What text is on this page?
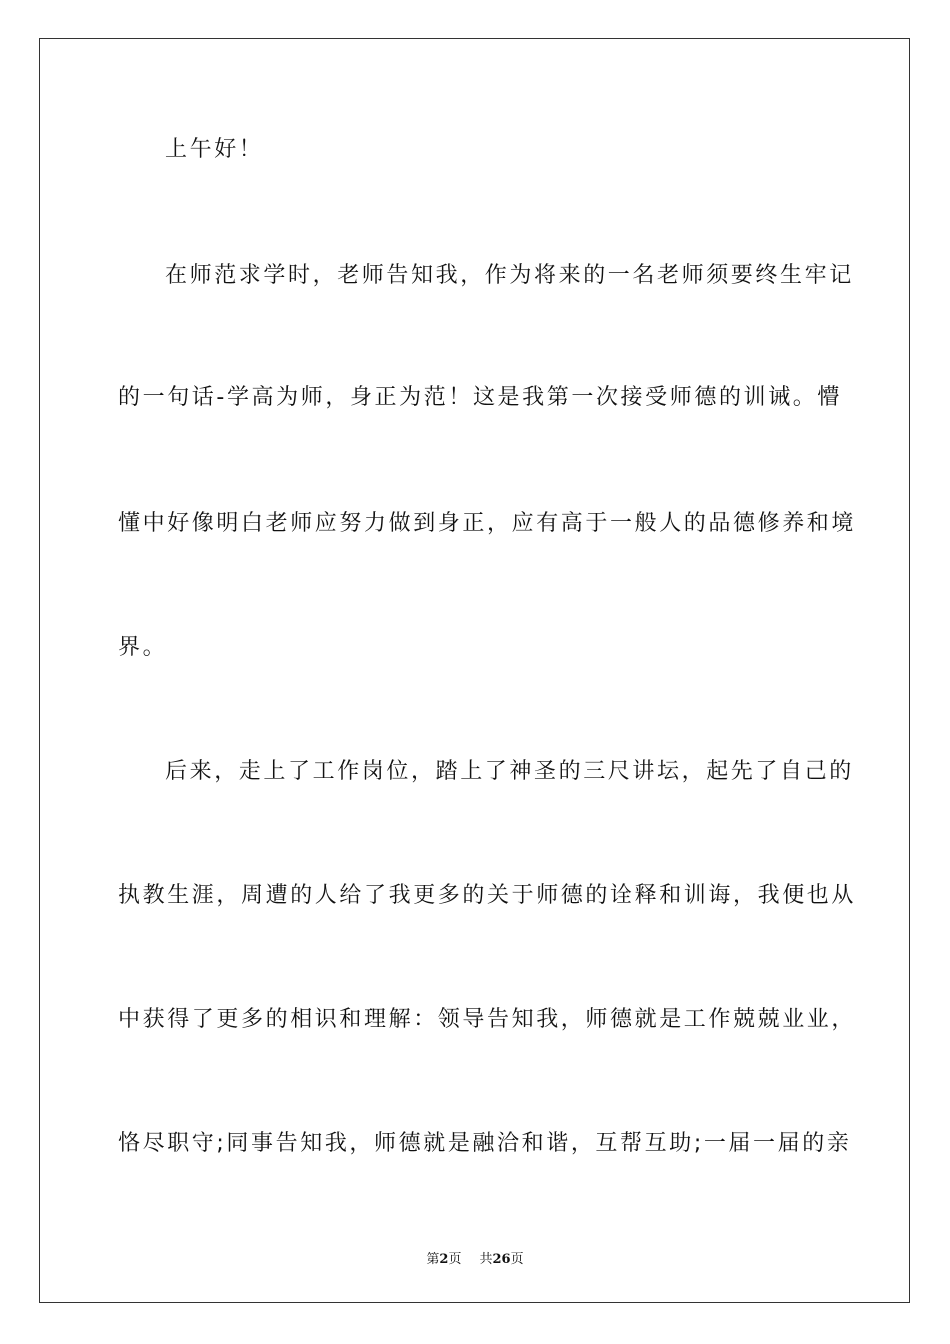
上午好！
在师范求学时，老师告知我，作为将来的一名老师须要终生牢记
的一句话-学高为师，身正为范！这是我第一次接受师德的训诫。懵
懂中好像明白老师应努力做到身正，应有高于一般人的品德修养和境
界。
后来，走上了工作岗位，踏上了神圣的三尺讲坛，起先了自己的
执教生涯，周遭的人给了我更多的关于师德的诠释和训诲，我便也从
中获得了更多的相识和理解：领导告知我，师德就是工作兢兢业业，
恪尽职守;同事告知我，师德就是融洽和谐，互帮互助;一届一届的亲
第2页 共26页
